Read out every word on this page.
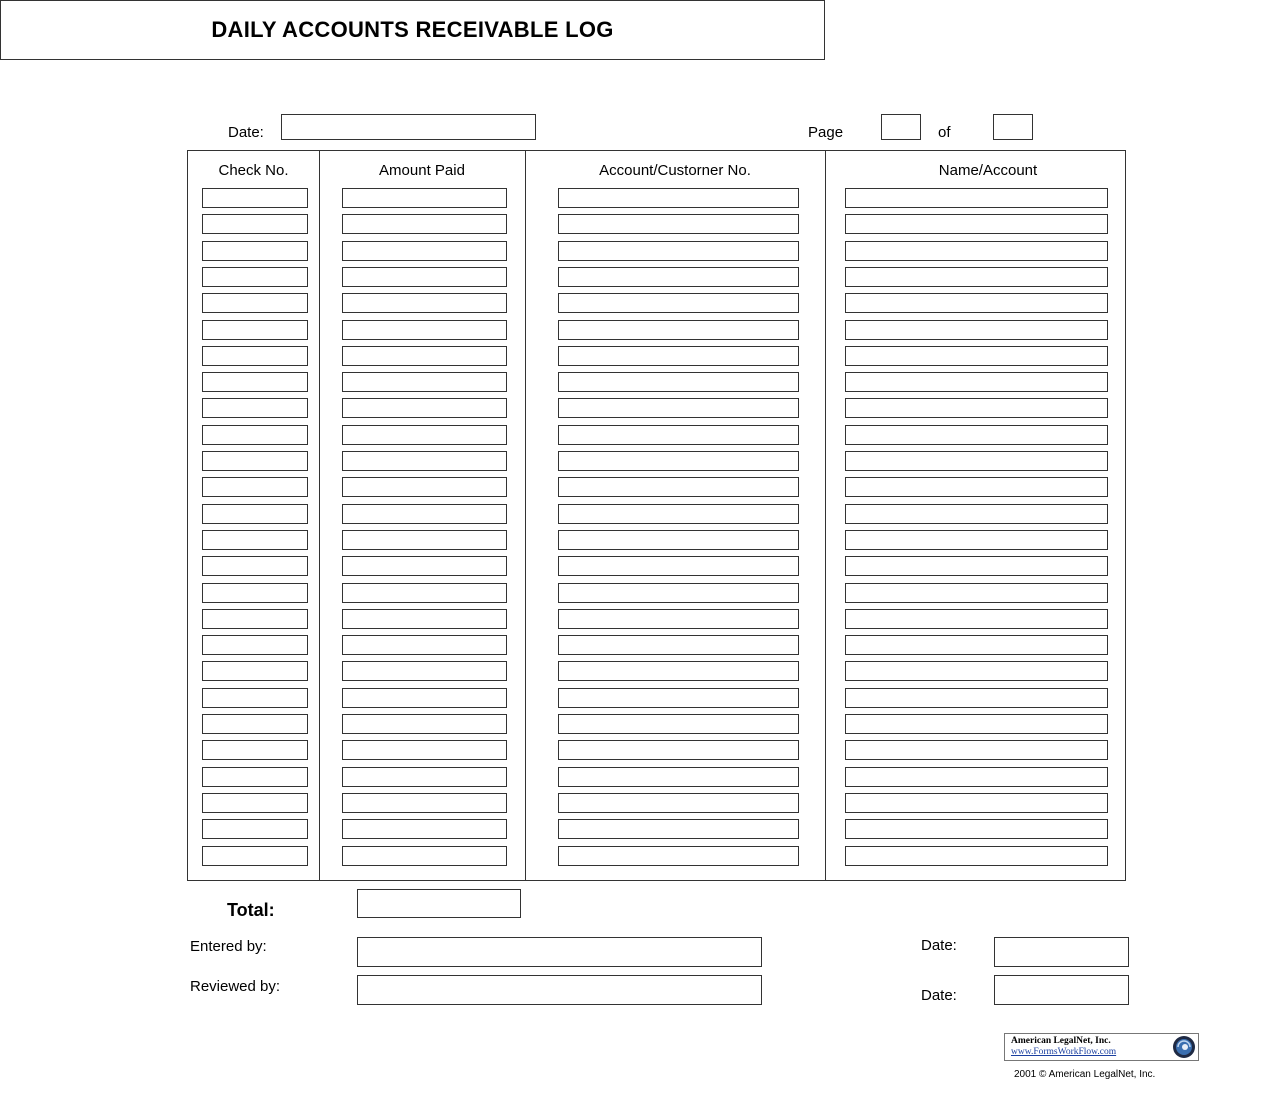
DAILY ACCOUNTS RECEIVABLE LOG
Date:	Page	of
Check No.	Amount Paid	Account/Custorner No.	Name/Account
Total:
Entered by:
Reviewed by:
Date:
Date:
American LegalNet, Inc.
www.FormsWorkFlow.com
2001 © American LegalNet, Inc.
